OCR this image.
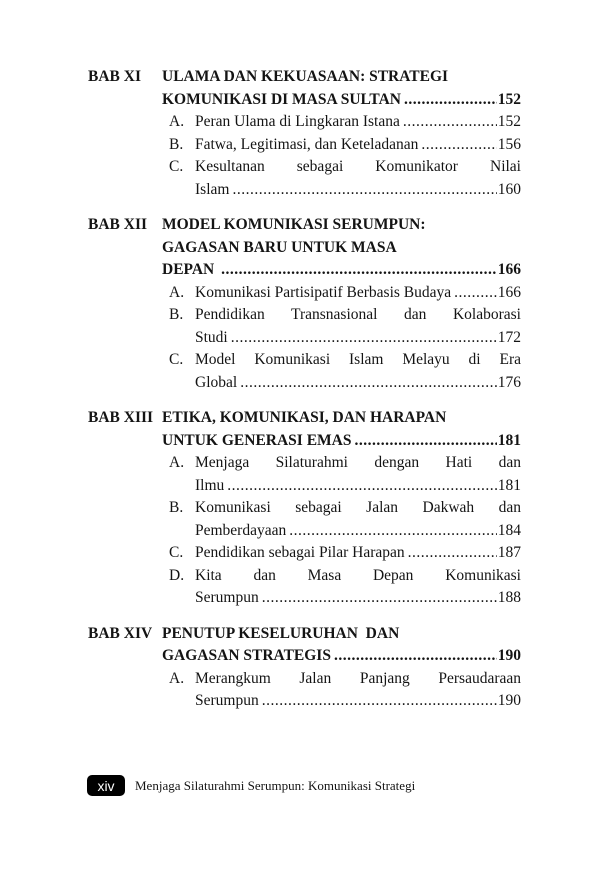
BAB XI	ULAMA DAN KEKUASAAN: STRATEGI
KOMUNIKASI DI MASA SULTAN .....	152
A. Peran Ulama di Lingkaran Istana .....	152
B. Fatwa, Legitimasi, dan Keteladanan .....	156
C. Kesultanan sebagai Komunikator Nilai
Islam .....	160
BAB XII MODEL KOMUNIKASI SERUMPUN:
GAGASAN BARU UNTUK MASA
DEPAN .....	166
A. Komunikasi Partisipatif Berbasis Budaya .....	166
B. Pendidikan Transnasional dan Kolaborasi
Studi .....	172
C. Model Komunikasi Islam Melayu di Era
Global .....	176
BAB XIII ETIKA, KOMUNIKASI, DAN HARAPAN
UNTUK GENERASI EMAS .....	181
A. Menjaga Silaturahmi dengan Hati dan
Ilmu .....	181
B. Komunikasi sebagai Jalan Dakwah dan
Pemberdayaan .....	184
C. Pendidikan sebagai Pilar Harapan .....	187
D. Kita dan Masa Depan Komunikasi
Serumpun .....	188
BAB XIV PENUTUP KESELURUHAN  DAN
GAGASAN STRATEGIS .....	190
A. Merangkum Jalan Panjang Persaudaraan
Serumpun .....	190
xiv	Menjaga Silaturahmi Serumpun: Komunikasi Strategi
